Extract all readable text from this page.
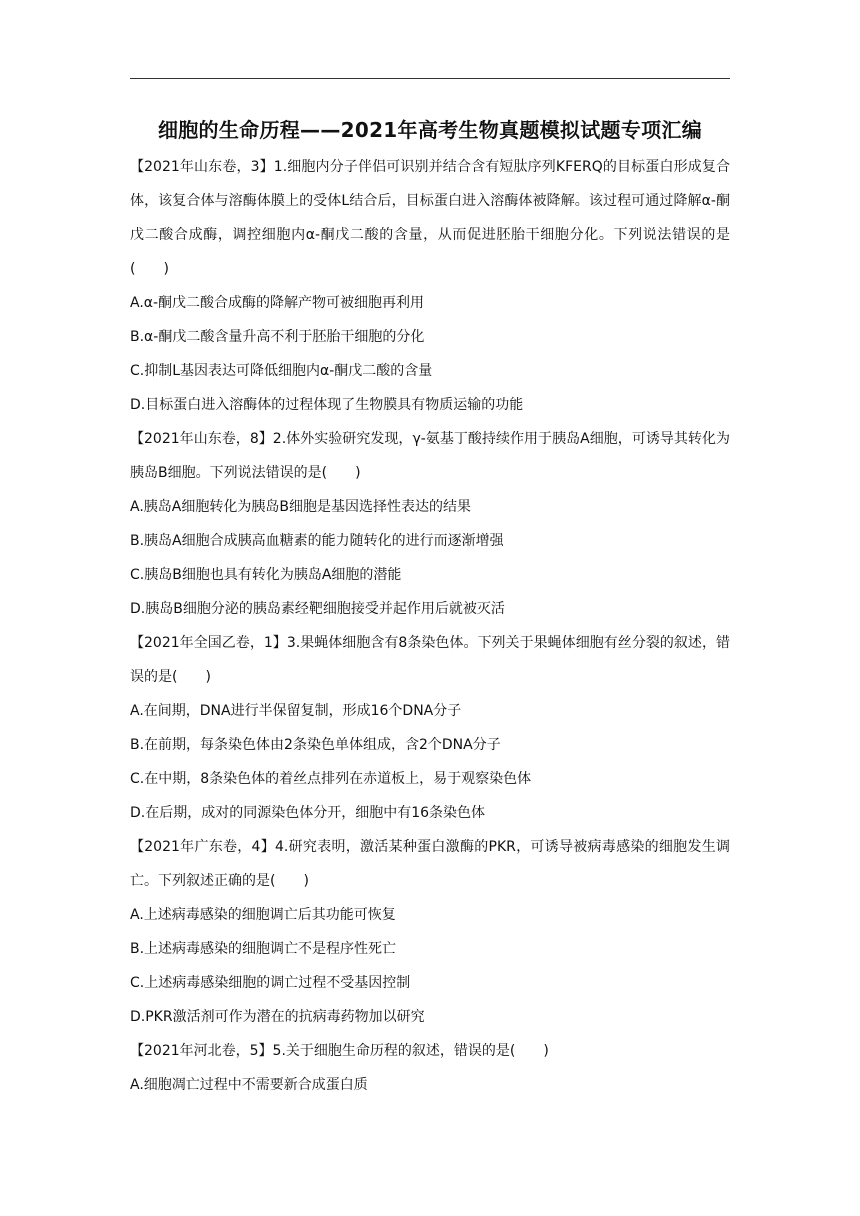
细胞的生命历程——2021年高考生物真题模拟试题专项汇编

【2021年山东卷，3】1.细胞内分子伴侣可识别并结合含有短肽序列KFERQ的目标蛋白形成复合体，该复合体与溶酶体膜上的受体L结合后，目标蛋白进入溶酶体被降解。该过程可通过降解α-酮戊二酸合成酶，调控细胞内α-酮戊二酸的含量，从而促进胚胎干细胞分化。下列说法错误的是(　　)

A.α-酮戊二酸合成酶的降解产物可被细胞再利用

B.α-酮戊二酸含量升高不利于胚胎干细胞的分化

C.抑制L基因表达可降低细胞内α-酮戊二酸的含量

D.目标蛋白进入溶酶体的过程体现了生物膜具有物质运输的功能

【2021年山东卷，8】2.体外实验研究发现，γ-氨基丁酸持续作用于胰岛A细胞，可诱导其转化为胰岛B细胞。下列说法错误的是(　　)

A.胰岛A细胞转化为胰岛B细胞是基因选择性表达的结果

B.胰岛A细胞合成胰高血糖素的能力随转化的进行而逐渐增强

C.胰岛B细胞也具有转化为胰岛A细胞的潜能

D.胰岛B细胞分泌的胰岛素经靶细胞接受并起作用后就被灭活

【2021年全国乙卷，1】3.果蝇体细胞含有8条染色体。下列关于果蝇体细胞有丝分裂的叙述，错误的是(　　)

A.在间期，DNA进行半保留复制，形成16个DNA分子

B.在前期，每条染色体由2条染色单体组成，含2个DNA分子

C.在中期，8条染色体的着丝点排列在赤道板上，易于观察染色体

D.在后期，成对的同源染色体分开，细胞中有16条染色体

【2021年广东卷，4】4.研究表明，激活某种蛋白激酶的PKR，可诱导被病毒感染的细胞发生调亡。下列叙述正确的是(　　)

A.上述病毒感染的细胞调亡后其功能可恢复

B.上述病毒感染的细胞调亡不是程序性死亡

C.上述病毒感染细胞的调亡过程不受基因控制

D.PKR激活剂可作为潜在的抗病毒药物加以研究

【2021年河北卷，5】5.关于细胞生命历程的叙述，错误的是(　　)

A.细胞凋亡过程中不需要新合成蛋白质
